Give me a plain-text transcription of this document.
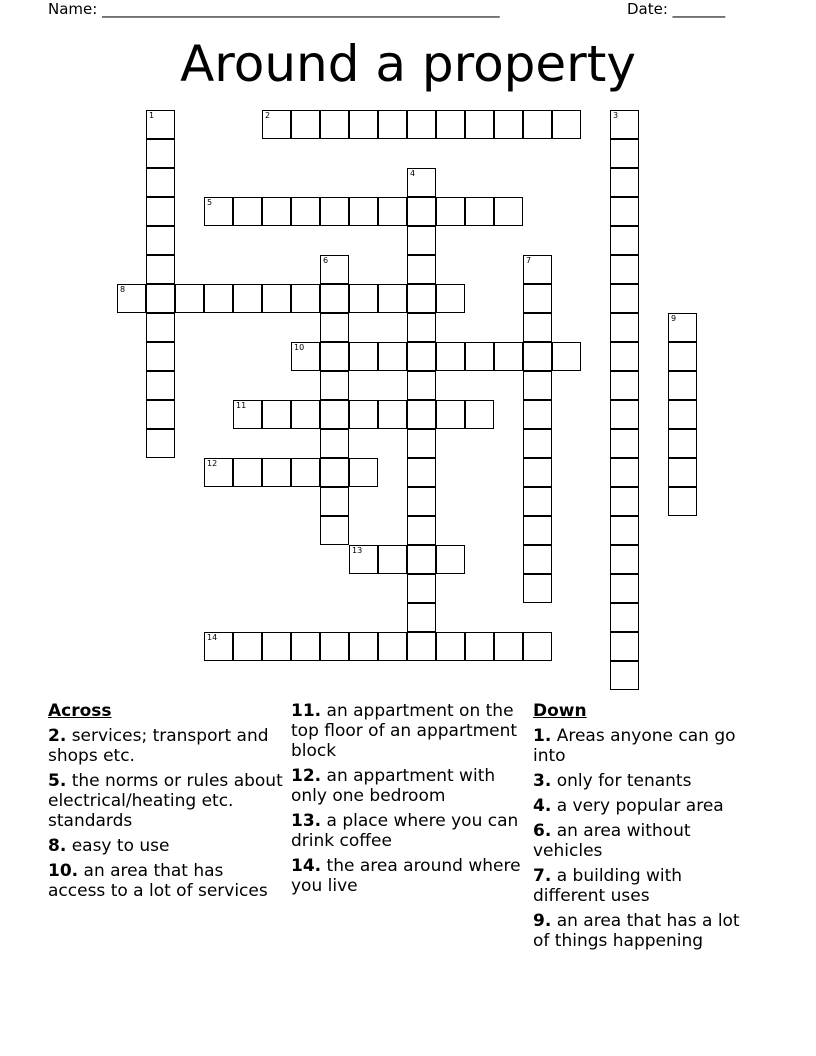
Name: _____________________________________________________	Date: _______
Around a property
1	2	3
4
5
6	7
8
9
10
11
12
13
14
Across
2. services; transport and shops etc.
5. the norms or rules about electrical/heating etc. standards
8. easy to use
10. an area that has access to a lot of services
11. an appartment on the top floor of an appartment block
12. an appartment with only one bedroom
13. a place where you can drink coffee
14. the area around where you live
Down
1. Areas anyone can go into
3. only for tenants
4. a very popular area
6. an area without vehicles
7. a building with different uses
9. an area that has a lot of things happening
